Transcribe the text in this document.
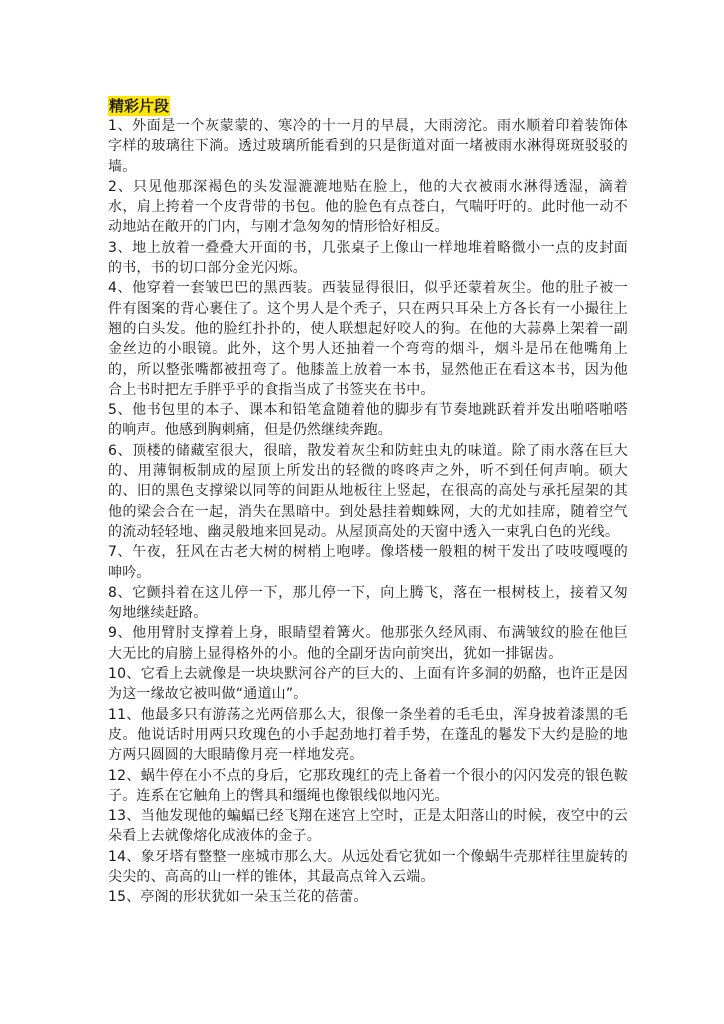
精彩片段

1、外面是一个灰蒙蒙的、寒冷的十一月的早晨，大雨滂沱。雨水顺着印着装饰体字样的玻璃往下淌。透过玻璃所能看到的只是街道对面一堵被雨水淋得斑斑驳驳的墙。

2、只见他那深褐色的头发湿漉漉地贴在脸上，他的大衣被雨水淋得透湿，滴着水，肩上挎着一个皮背带的书包。他的脸色有点苍白，气喘吁吁的。此时他一动不动地站在敞开的门内，与刚才急匆匆的情形恰好相反。

3、地上放着一叠叠大开面的书，几张桌子上像山一样地堆着略微小一点的皮封面的书，书的切口部分金光闪烁。

4、他穿着一套皱巴巴的黑西装。西装显得很旧，似乎还蒙着灰尘。他的肚子被一件有图案的背心裹住了。这个男人是个秃子，只在两只耳朵上方各长有一小撮往上翘的白头发。他的脸红扑扑的，使人联想起好咬人的狗。在他的大蒜鼻上架着一副金丝边的小眼镜。此外，这个男人还抽着一个弯弯的烟斗，烟斗是吊在他嘴角上的，所以整张嘴都被扭弯了。他膝盖上放着一本书，显然他正在看这本书，因为他合上书时把左手胖乎乎的食指当成了书签夹在书中。

5、他书包里的本子、课本和铅笔盒随着他的脚步有节奏地跳跃着并发出啪嗒啪嗒的响声。他感到胸刺痛，但是仍然继续奔跑。

6、顶楼的储藏室很大，很暗，散发着灰尘和防蛀虫丸的味道。除了雨水落在巨大的、用薄铜板制成的屋顶上所发出的轻微的咚咚声之外，听不到任何声响。硕大的、旧的黑色支撑梁以同等的间距从地板往上竖起，在很高的高处与承托屋架的其他的梁会合在一起，消失在黑暗中。到处悬挂着蜘蛛网，大的尤如挂席，随着空气的流动轻轻地、幽灵般地来回晃动。从屋顶高处的天窗中透入一束乳白色的光线。

7、午夜，狂风在古老大树的树梢上咆哮。像塔楼一般粗的树干发出了吱吱嘎嘎的呻吟。

8、它颤抖着在这儿停一下，那儿停一下，向上腾飞，落在一根树枝上，接着又匆匆地继续赶路。

9、他用臂肘支撑着上身，眼睛望着篝火。他那张久经风雨、布满皱纹的脸在他巨大无比的肩膀上显得格外的小。他的全副牙齿向前突出，犹如一排锯齿。

10、它看上去就像是一块块默河谷产的巨大的、上面有许多洞的奶酪，也许正是因为这一缘故它被叫做“通道山”。

11、他最多只有游荡之光两倍那么大，很像一条坐着的毛毛虫，浑身披着漆黑的毛皮。他说话时用两只玫瑰色的小手起劲地打着手势，在蓬乱的鬈发下大约是脸的地方两只圆圆的大眼睛像月亮一样地发亮。

12、蜗牛停在小不点的身后，它那玫瑰红的壳上备着一个很小的闪闪发亮的银色鞍子。连系在它触角上的辔具和缰绳也像银线似地闪光。

13、当他发现他的蝙蝠已经飞翔在迷宫上空时，正是太阳落山的时候，夜空中的云朵看上去就像熔化成液体的金子。

14、象牙塔有整整一座城市那么大。从远处看它犹如一个像蜗牛壳那样往里旋转的尖尖的、高高的山一样的锥体，其最高点耸入云端。

15、亭阁的形状犹如一朵玉兰花的蓓蕾。
